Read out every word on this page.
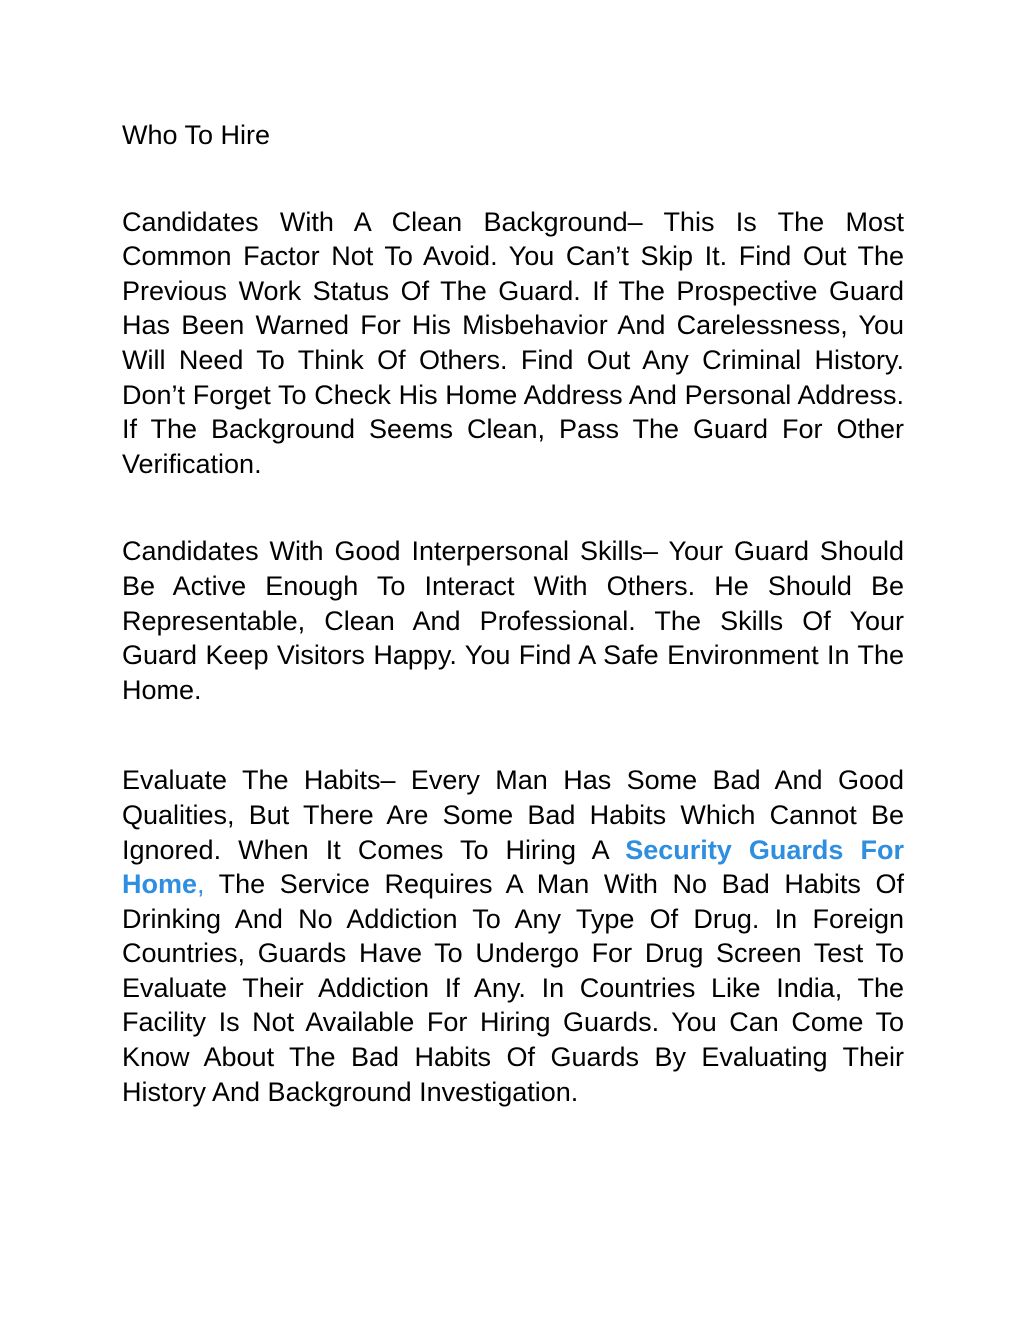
Who To Hire

Candidates With A Clean Background– This Is The Most Common Factor Not To Avoid. You Can’t Skip It. Find Out The Previous Work Status Of The Guard. If The Prospective Guard Has Been Warned For His Misbehavior And Carelessness, You Will Need To Think Of Others. Find Out Any Criminal History. Don’t Forget To Check His Home Address And Personal Address. If The Background Seems Clean, Pass The Guard For Other Verification.

Candidates With Good Interpersonal Skills– Your Guard Should Be Active Enough To Interact With Others. He Should Be Representable, Clean And Professional. The Skills Of Your Guard Keep Visitors Happy. You Find A Safe Environment In The Home.

Evaluate The Habits– Every Man Has Some Bad And Good Qualities, But There Are Some Bad Habits Which Cannot Be Ignored. When It Comes To Hiring A Security Guards For Home, The Service Requires A Man With No Bad Habits Of Drinking And No Addiction To Any Type Of Drug. In Foreign Countries, Guards Have To Undergo For Drug Screen Test To Evaluate Their Addiction If Any. In Countries Like India, The Facility Is Not Available For Hiring Guards. You Can Come To Know About The Bad Habits Of Guards By Evaluating Their History And Background Investigation.
